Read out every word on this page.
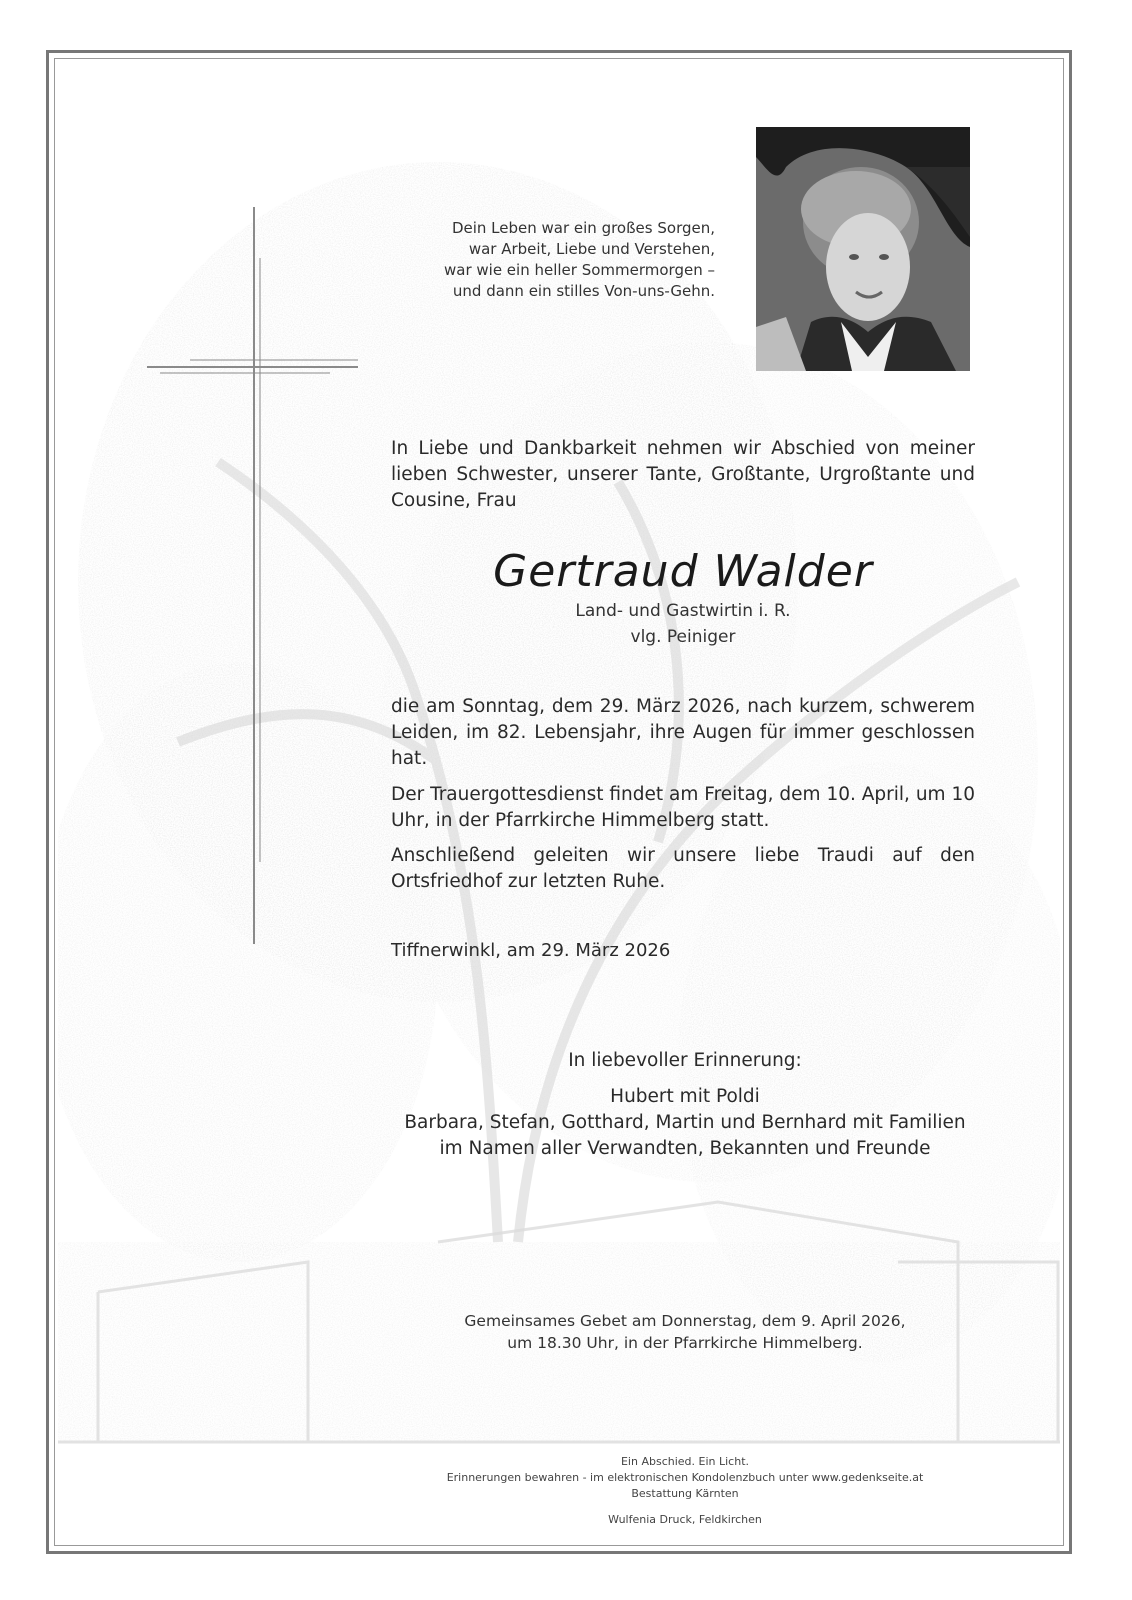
Dein Leben war ein großes Sorgen,
war Arbeit, Liebe und Verstehen,
war wie ein heller Sommermorgen –
und dann ein stilles Von-uns-Gehn.
In Liebe und Dankbarkeit nehmen wir Abschied von meiner lieben Schwester, unserer Tante, Großtante, Urgroßtante und Cousine, Frau
Gertraud Walder
Land- und Gastwirtin i. R.
vlg. Peiniger
die am Sonntag, dem 29. März 2026, nach kurzem, schwerem Leiden, im 82. Lebensjahr, ihre Augen für immer geschlossen hat.
Der Trauergottesdienst findet am Freitag, dem 10. April, um 10 Uhr, in der Pfarrkirche Himmelberg statt.
Anschließend geleiten wir unsere liebe Traudi auf den Ortsfriedhof zur letzten Ruhe.
Tiffnerwinkl, am 29. März 2026
In liebevoller Erinnerung:
Hubert mit Poldi
Barbara, Stefan, Gotthard, Martin und Bernhard mit Familien
im Namen aller Verwandten, Bekannten und Freunde
Gemeinsames Gebet am Donnerstag, dem 9. April 2026,
um 18.30 Uhr, in der Pfarrkirche Himmelberg.
Ein Abschied. Ein Licht.
Erinnerungen bewahren - im elektronischen Kondolenzbuch unter www.gedenkseite.at
Bestattung Kärnten
Wulfenia Druck, Feldkirchen
